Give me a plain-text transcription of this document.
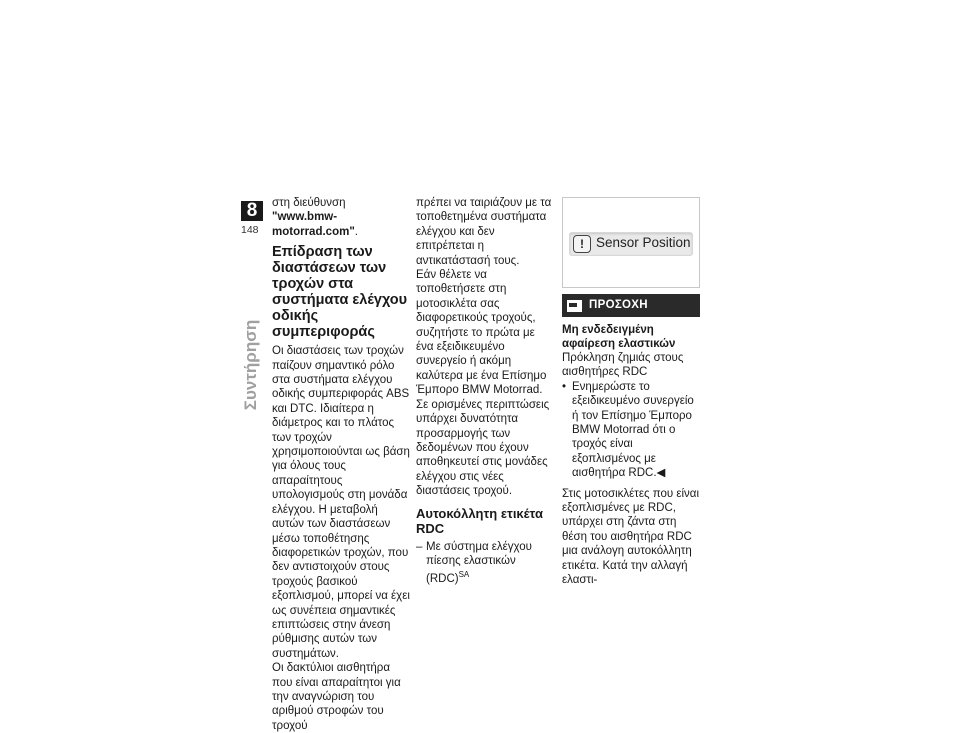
8
148
Συντήρηση

στη διεύθυνση "www.bmw-motorrad.com".

Επίδραση των διαστάσεων των τροχών στα συστήματα ελέγχου οδικής συμπεριφοράς

Οι διαστάσεις των τροχών παίζουν σημαντικό ρόλο στα συστήματα ελέγχου οδικής συμπεριφοράς ABS και DTC. Ιδιαίτερα η διάμετρος και το πλάτος των τροχών χρησιμοποιούνται ως βάση για όλους τους απαραίτητους υπολογισμούς στη μονάδα ελέγχου. Η μεταβολή αυτών των διαστάσεων μέσω τοποθέτησης διαφορετικών τροχών, που δεν αντιστοιχούν στους τροχούς βασικού εξοπλισμού, μπορεί να έχει ως συνέπεια σημαντικές επιπτώσεις στην άνεση ρύθμισης αυτών των συστημάτων.

Οι δακτύλιοι αισθητήρα που είναι απαραίτητοι για την αναγνώριση του αριθμού στροφών του τροχού

πρέπει να ταιριάζουν με τα τοποθετημένα συστήματα ελέγχου και δεν επιτρέπεται η αντικατάστασή τους.

Εάν θέλετε να τοποθετήσετε στη μοτοσικλέτα σας διαφορετικούς τροχούς, συζητήστε το πρώτα με ένα εξειδικευμένο συνεργείο ή ακόμη καλύτερα με ένα Επίσημο Έμπορο BMW Motorrad.

Σε ορισμένες περιπτώσεις υπάρχει δυνατότητα προσαρμογής των δεδομένων που έχουν αποθηκευτεί στις μονάδες ελέγχου στις νέες διαστάσεις τροχού.

Αυτοκόλλητη ετικέτα RDC
– Με σύστημα ελέγχου πίεσης ελαστικών (RDC)$^{SA}$
! Sensor Position
ΠΡΟΣΟΧΗ
Μη ενδεδειγμένη αφαίρεση ελαστικών

Πρόκληση ζημιάς στους αισθητήρες RDC

• Ενημερώστε το εξειδικευμένο συνεργείο ή τον Επίσημο Έμπορο BMW Motorrad ότι ο τροχός είναι εξοπλισμένος με αισθητήρα RDC.◀

Στις μοτοσικλέτες που είναι εξοπλισμένες με RDC, υπάρχει στη ζάντα στη θέση του αισθητήρα RDC μια ανάλογη αυτοκόλλητη ετικέτα. Κατά την αλλαγή ελαστι-
